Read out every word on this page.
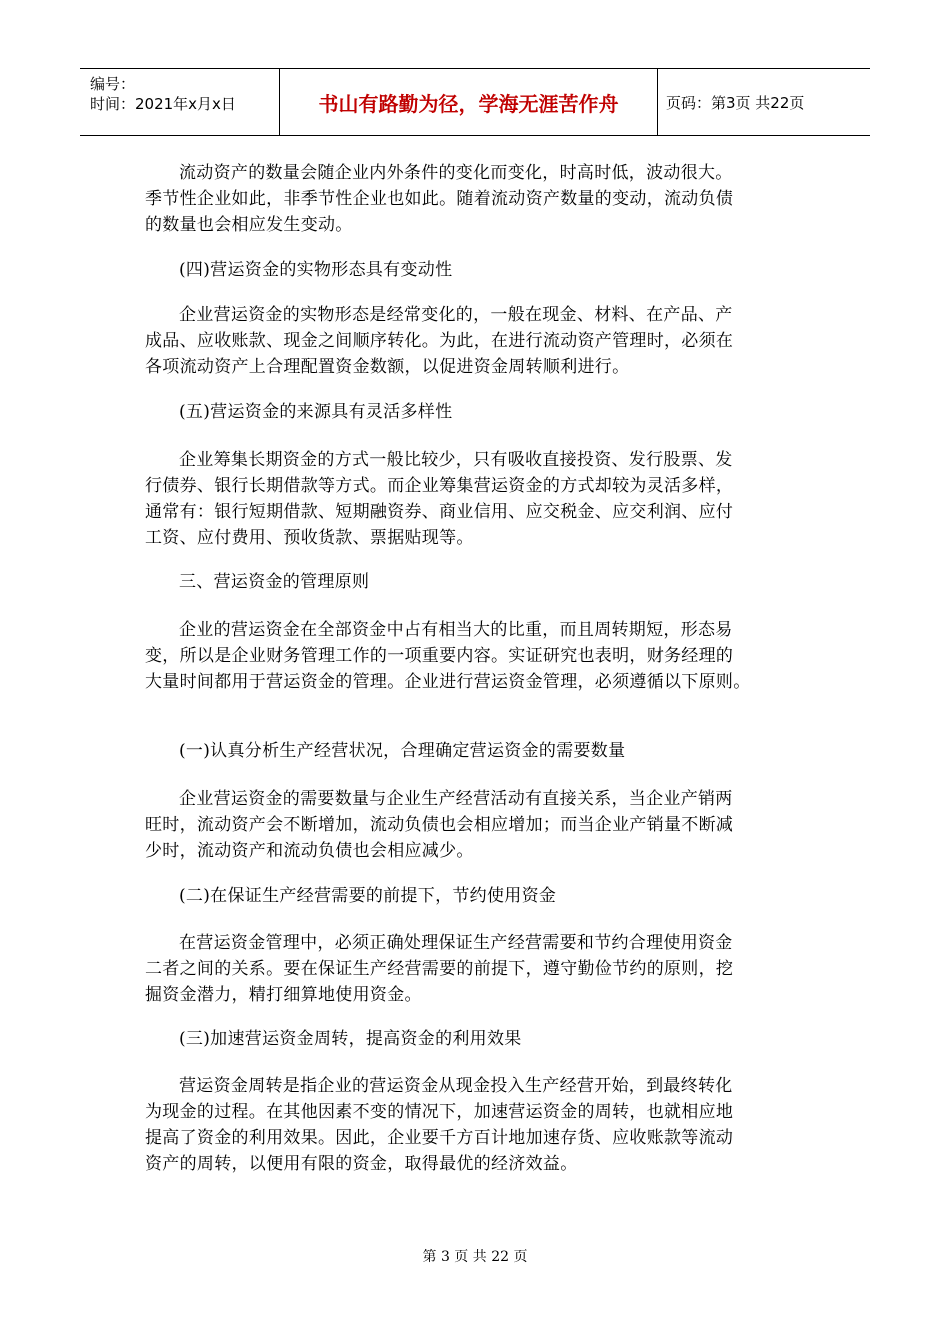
编号：
时间：2021年x月x日	书山有路勤为径，学海无涯苦作舟	页码：第3页 共22页
流动资产的数量会随企业内外条件的变化而变化，时高时低，波动很大。
季节性企业如此，非季节性企业也如此。随着流动资产数量的变动，流动负债
的数量也会相应发生变动。
(四)营运资金的实物形态具有变动性
企业营运资金的实物形态是经常变化的，一般在现金、材料、在产品、产
成品、应收账款、现金之间顺序转化。为此，在进行流动资产管理时，必须在
各项流动资产上合理配置资金数额，以促进资金周转顺利进行。
(五)营运资金的来源具有灵活多样性
企业筹集长期资金的方式一般比较少，只有吸收直接投资、发行股票、发
行债券、银行长期借款等方式。而企业筹集营运资金的方式却较为灵活多样，
通常有：银行短期借款、短期融资券、商业信用、应交税金、应交利润、应付
工资、应付费用、预收货款、票据贴现等。
三、营运资金的管理原则
企业的营运资金在全部资金中占有相当大的比重，而且周转期短，形态易
变，所以是企业财务管理工作的一项重要内容。实证研究也表明，财务经理的
大量时间都用于营运资金的管理。企业进行营运资金管理，必须遵循以下原则。
(一)认真分析生产经营状况，合理确定营运资金的需要数量
企业营运资金的需要数量与企业生产经营活动有直接关系，当企业产销两
旺时，流动资产会不断增加，流动负债也会相应增加；而当企业产销量不断减
少时，流动资产和流动负债也会相应减少。
(二)在保证生产经营需要的前提下，节约使用资金
在营运资金管理中，必须正确处理保证生产经营需要和节约合理使用资金
二者之间的关系。要在保证生产经营需要的前提下，遵守勤俭节约的原则，挖
掘资金潜力，精打细算地使用资金。
(三)加速营运资金周转，提高资金的利用效果
营运资金周转是指企业的营运资金从现金投入生产经营开始，到最终转化
为现金的过程。在其他因素不变的情况下，加速营运资金的周转，也就相应地
提高了资金的利用效果。因此，企业要千方百计地加速存货、应收账款等流动
资产的周转，以便用有限的资金，取得最优的经济效益。
第 3 页 共 22 页
